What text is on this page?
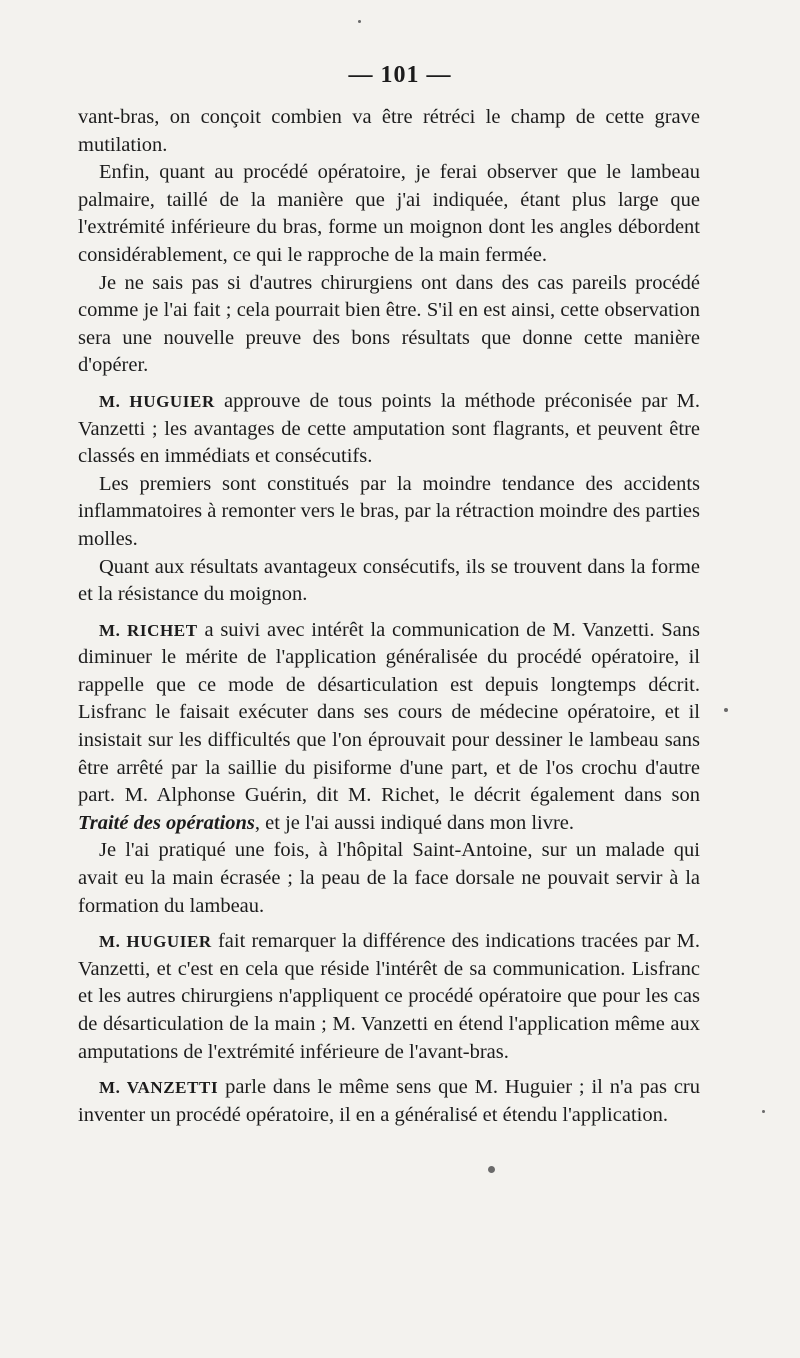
— 101 —

vant-bras, on conçoit combien va être rétréci le champ de cette grave mutilation.

Enfin, quant au procédé opératoire, je ferai observer que le lambeau palmaire, taillé de la manière que j'ai indiquée, étant plus large que l'extrémité inférieure du bras, forme un moignon dont les angles débordent considérablement, ce qui le rapproche de la main fermée.

Je ne sais pas si d'autres chirurgiens ont dans des cas pareils procédé comme je l'ai fait ; cela pourrait bien être. S'il en est ainsi, cette observation sera une nouvelle preuve des bons résultats que donne cette manière d'opérer.

M. HUGUIER approuve de tous points la méthode préconisée par M. Vanzetti ; les avantages de cette amputation sont flagrants, et peuvent être classés en immédiats et consécutifs.

Les premiers sont constitués par la moindre tendance des accidents inflammatoires à remonter vers le bras, par la rétraction moindre des parties molles.

Quant aux résultats avantageux consécutifs, ils se trouvent dans la forme et la résistance du moignon.

M. RICHET a suivi avec intérêt la communication de M. Vanzetti. Sans diminuer le mérite de l'application généralisée du procédé opératoire, il rappelle que ce mode de désarticulation est depuis longtemps décrit. Lisfranc le faisait exécuter dans ses cours de médecine opératoire, et il insistait sur les difficultés que l'on éprouvait pour dessiner le lambeau sans être arrêté par la saillie du pisiforme d'une part, et de l'os crochu d'autre part. M. Alphonse Guérin, dit M. Richet, le décrit également dans son Traité des opérations, et je l'ai aussi indiqué dans mon livre.

Je l'ai pratiqué une fois, à l'hôpital Saint-Antoine, sur un malade qui avait eu la main écrasée ; la peau de la face dorsale ne pouvait servir à la formation du lambeau.

M. HUGUIER fait remarquer la différence des indications tracées par M. Vanzetti, et c'est en cela que réside l'intérêt de sa communication. Lisfranc et les autres chirurgiens n'appliquent ce procédé opératoire que pour les cas de désarticulation de la main ; M. Vanzetti en étend l'application même aux amputations de l'extrémité inférieure de l'avant-bras.

M. VANZETTI parle dans le même sens que M. Huguier ; il n'a pas cru inventer un procédé opératoire, il en a généralisé et étendu l'application.
